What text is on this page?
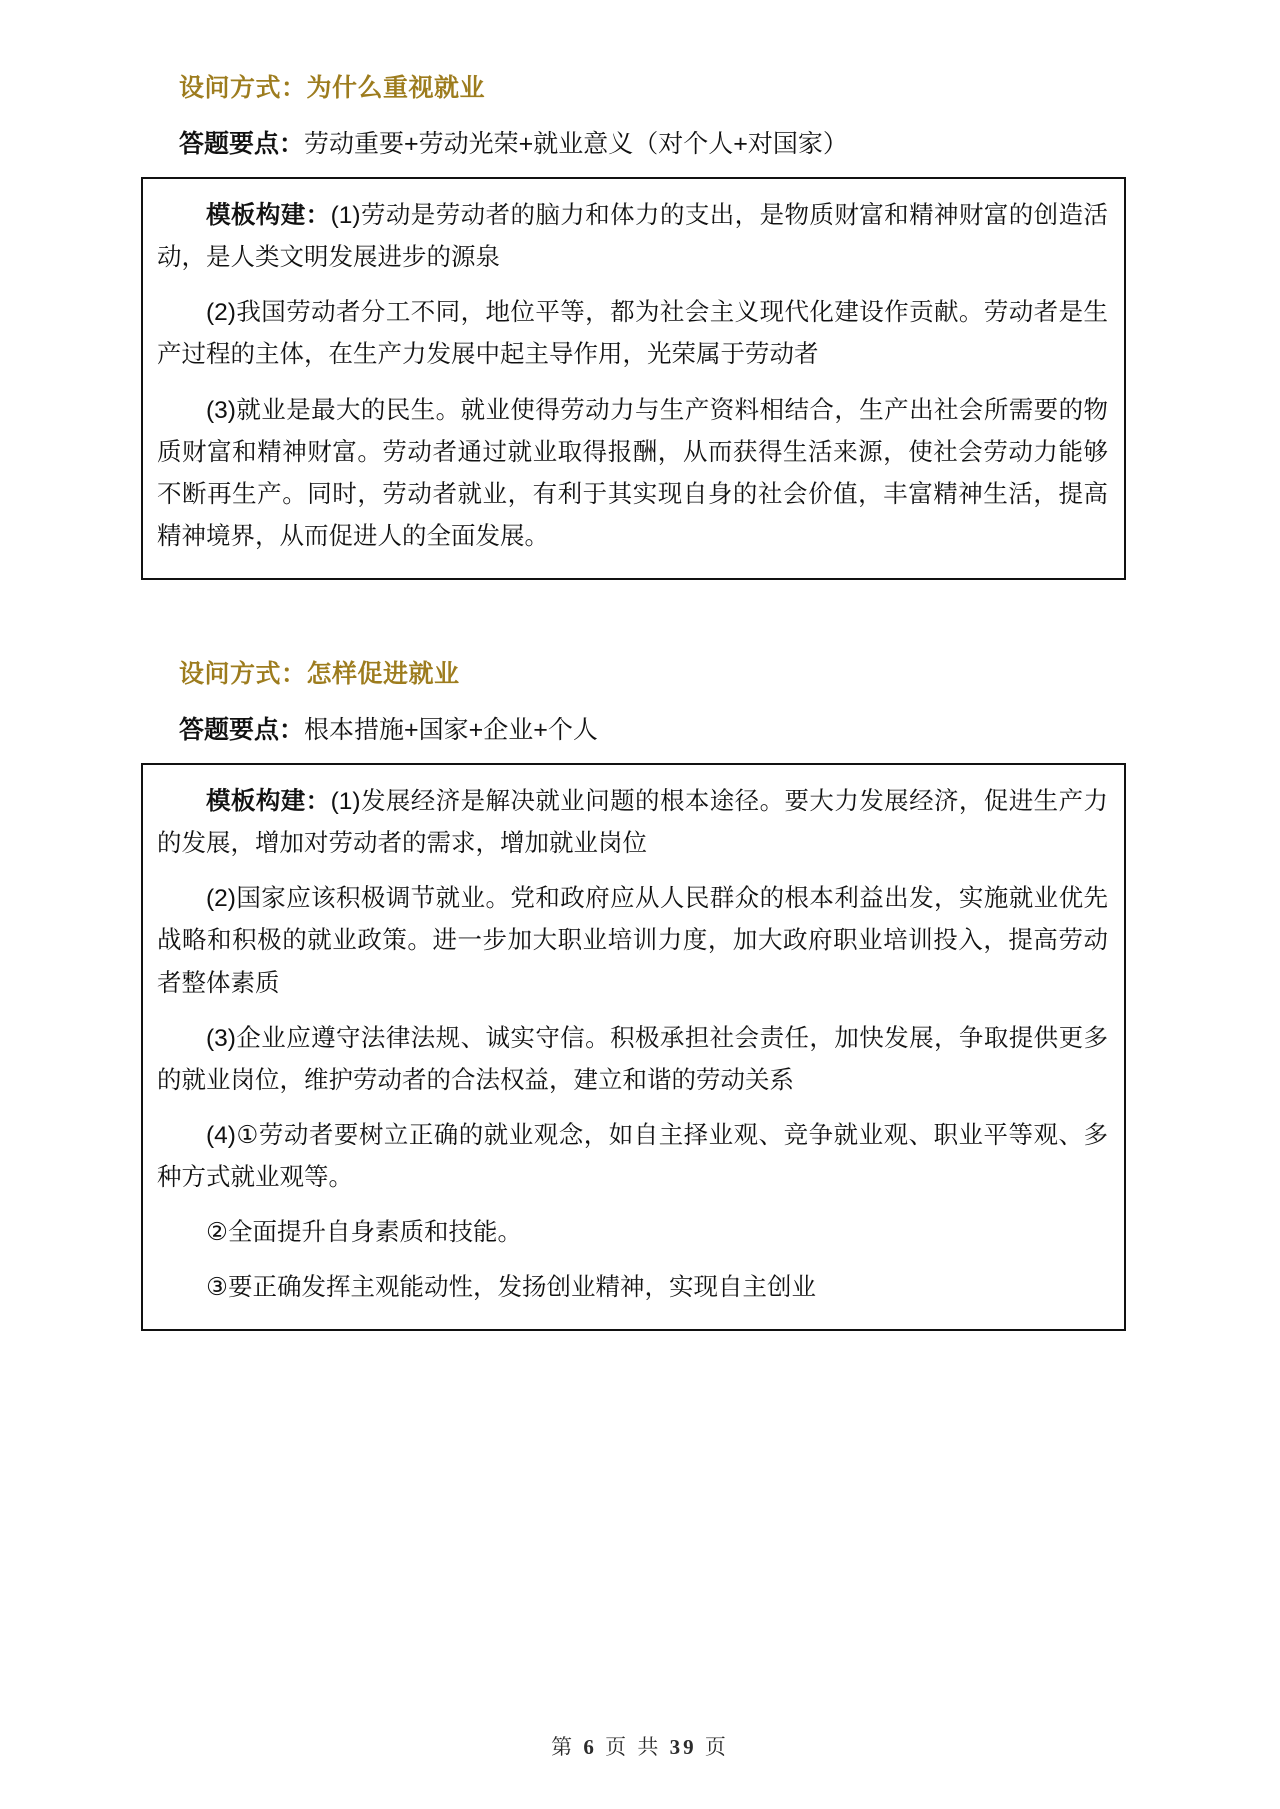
设问方式：为什么重视就业
答题要点：劳动重要+劳动光荣+就业意义（对个人+对国家）

模板构建：(1)劳动是劳动者的脑力和体力的支出，是物质财富和精神财富的创造活动，是人类文明发展进步的源泉

(2)我国劳动者分工不同，地位平等，都为社会主义现代化建设作贡献。劳动者是生产过程的主体，在生产力发展中起主导作用，光荣属于劳动者

(3)就业是最大的民生。就业使得劳动力与生产资料相结合，生产出社会所需要的物质财富和精神财富。劳动者通过就业取得报酬，从而获得生活来源，使社会劳动力能够不断再生产。同时，劳动者就业，有利于其实现自身的社会价值，丰富精神生活，提高精神境界，从而促进人的全面发展。

设问方式：怎样促进就业
答题要点：根本措施+国家+企业+个人

模板构建：(1)发展经济是解决就业问题的根本途径。要大力发展经济，促进生产力的发展，增加对劳动者的需求，增加就业岗位

(2)国家应该积极调节就业。党和政府应从人民群众的根本利益出发，实施就业优先战略和积极的就业政策。进一步加大职业培训力度，加大政府职业培训投入，提高劳动者整体素质

(3)企业应遵守法律法规、诚实守信。积极承担社会责任，加快发展，争取提供更多的就业岗位，维护劳动者的合法权益，建立和谐的劳动关系

(4)①劳动者要树立正确的就业观念，如自主择业观、竞争就业观、职业平等观、多种方式就业观等。

②全面提升自身素质和技能。

③要正确发挥主观能动性，发扬创业精神，实现自主创业

第 6 页 共 39 页
